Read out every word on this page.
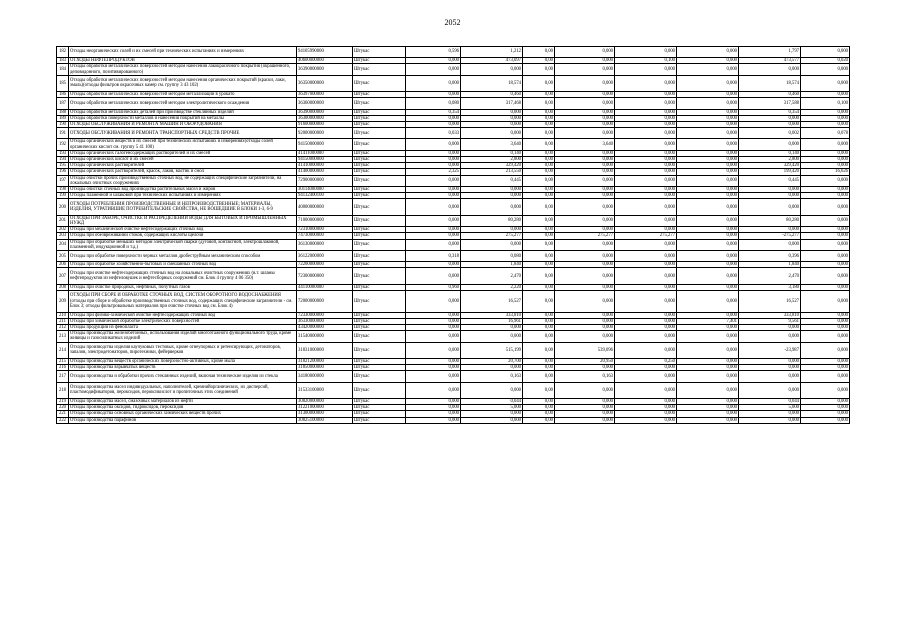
2052
182	Отходы неорганических солей и их смесей при технических испытаниях и измерениях	94105990000	Штукас	0,596	1,212	0,00	0,000	0,000	0,000	1,797	0,000
183	ОТХОДЫ НЕФТЕПРОДУКТОВ	40600000000	Штукас	0,000	473,097	0,00	0,000	0,100	0,000	473,577	0,020
184	Отходы обработки металлических поверхностей методом нанесения лакокрасочного покрытия (окрашенного, деповидонного, позитивированного)	36390000000	Штукас	0,000	0,000	0,00	0,000	0,000	0,000	0,000	0,000
185	Отходы обработки металлических поверхностей методом нанесения органических покрытий (краски, лаки, эмаль)(отходы фильтров окрасочных камер см. группу 3 43 102)	36350000000	Штукас	0,000	18,574	0,00	0,000	0,000	0,000	18,574	0,000
186	Отходы обработки металлических поверхностей методом металлизации в урокато	36397000000	Штукас	0,000	0,460	0,00	0,000	0,000	0,000	0,460	0,000
187	Отходы обработки металлических поверхностей методом электролитического осаждения	36360000000	Штукас	0,080	317,468	0,00	0,000	0,000	0,000	317,588	0,100
188	Отходы обработки металлических деталей при производстве стеклянных изделий	36390000000	Штукас	0,354	0,000	0,00	0,000	0,000	0,000	0,354	0,000
189	Отходы обработки поверхности металлов и нанесения покрытий на металлы	36300000000	Штукас	0,000	0,000	0,00	0,000	0,000	0,000	0,000	0,000
190	ОТХОДЫ ОБСЛУЖИВАНИЯ И РЕМОНТА МАШИН И ОБОРУДОВАНИЯ	91600000000	Штукас	0,000	0,600	0,00	0,000	0,000	0,000	0,600	0,000
191	ОТХОДЫ ОБСЛУЖИВАНИЯ И РЕМОНТА ТРАНСПОРТНЫХ СРЕДСТВ ПРОЧИЕ	92000000000	Штукас	0,033	0,000	0,00	0,000	0,000	0,000	0,002	0,078
192	Отходы органических веществ и их смесей при технических испытаниях и измерениях(отходы солей органических кислот см. группу 5 41 100)	94150000000	Штукас	0,000	3,640	0,00	3,640	0,000	0,000	0,000	0,000
193	Отходы органических галогенсодержащих растворителей и их смесей	41411000000	Штукас	0,000	0,140	0,00	0,000	0,000	0,000	0,140	0,000
194	Отходы органических кислот и их смесей	94150000000	Штукас	0,000	2,800	0,00	0,000	0,000	0,000	2,800	0,000
195	Отходы органических растворителей	41410000000	Штукас	0,000	329,420	0,00	0,000	0,000	0,000	329,420	0,000
196	Отходы органических растворителей, красок, лаков, мастик и смол	41400000000	Штукас	2,325	213,550	0,00	0,000	0,000	0,000	199,420	16,626
197	Отходы очистки прочих производственных сточных вод, не содержащих специфические загрязнители, на локальных очистных сооружениях	72900000000	Штукас	0,000	0,445	0,00	0,000	0,000	0,000	0,445	0,000
198	Отходы очистки сточных вод производства растительных масел и жиров	30114000000	Штукас	0,000	0,000	0,00	0,000	0,000	0,000	0,000	0,000
199	Отходы пламенной и шлаковой при технических испытаниях и измерениях	94132400100	Штукас	0,000	0,000	0,00	0,000	0,000	0,000	0,000	0,000
200	ОТХОДЫ ПОТРЕБЛЕНИЯ ПРОИЗВОДСТВЕННЫЕ И НЕПРОИЗВОДСТВЕННЫЕ; МАТЕРИАЛЫ, ИЗДЕЛИЯ, УТРАТИВШИЕ ПОТРЕБИТЕЛЬСКИЕ СВОЙСТВА, НЕ ВОШЕДШИЕ В БЛОКИ 1-3, 6-9	40000000000	Штукас	0,000	0,000	0,00	0,000	0,000	0,000	0,000	0,000
201	ОТХОДЫ ПРИ ЗАБОРЕ, ОЧИСТКЕ И РАСПРЕДЕЛЕНИИ ВОДЫ ДЛЯ БЫТОВЫХ И ПРОМЫШЛЕННЫХ НУЖД	71000000000	Штукас	0,000	80,280	0,00	0,000	0,000	0,000	80,280	0,000
202	Отходы при механической очистке нефтесодержащих сточных вод	72310000000	Штукас	0,000	0,000	0,00	0,000	0,000	0,000	0,000	0,000
203	Отходы при обезвреживании стоков, содержащих кислоты щелочи	74730000000	Штукас	0,000	275,277	0,00	275,277	275,277	0,000	-275,277	0,000
204	Отходы при обработке меньших методом электрической сварки (дуговой, контактной, электрошлаковой, плазменной, индукционной и т.д.)	36130000000	Штукас	0,000	0,000	0,00	0,000	0,000	0,000	0,000	0,000
205	Отходы при обработке поверхности черных металлов дробеструйным механическим способом	36122000000	Штукас	0,318	0,080	0,00	0,000	0,000	0,000	0,396	0,000
206	Отходы при обработке хозяйственно-бытовых и смешанных сточных вод	72200000000	Штукас	0,000	1,840	0,00	0,000	0,000	0,000	1,840	0,000
207	Отходы при очистке нефтесодержащих сточных вод на локальных очистных сооружениях (в.т. шламы нефтепродуктов из нефтеловушек и нефтесборных сооружений см. Блок 4 группу 4 06 350)	72300000000	Штукас	0,000	2,470	0,00	0,000	0,000	0,000	2,470	0,000
208	Отходы при очистке природных, нефтяных, попутных газов	44110000000	Штукас	0,960	2,220	0,00	0,000	0,000	0,000	3,180	0,000
209	ОТХОДЫ ПРИ СБОРЕ И ОБРАБОТКЕ СТОЧНЫХ ВОД, СИСТЕМ ОБОРОТНОГО ВОДОСНАБЖЕНИЯ (отходы при сборе и обработке производственных сточных вод, содержащих специфические загрязнители - см. Блок 3; отходы фильтровальных материалов при очистке сточных вод см. Блок 4)	72000000000	Штукас	0,000	16,527	0,00	0,000	0,000	0,000	16,527	0,000
210	Отходы при физико-химической очистке нефтесодержащих сточных вод	72330000000	Штукас	0,000	333,810	0,00	0,000	0,000	0,000	333,810	0,000
211	Отходы при химической обработке электрических поверхностей	36330000000	Штукас	0,000	16,961	0,00	0,000	0,000	7,401	9,561	0,000
212	Отходы продукции из фенопласта	43420000000	Штукас	0,000	0,000	0,00	0,000	0,000	0,000	0,000	0,000
213	Отходы производства железобетонных, использования изделий многоэтажного функционального труда, кроме живицы и газосиликатных изделий	31540000000	Штукас	0,000	0,000	0,00	0,000	0,000	0,000	0,000	0,000
214	Отходы производства изделия каучуковых тестовых, кроме огнеупорных и ретенсирующих, детонаторов, запалов, электродетонаторов, пиротехники, фейерверков	31831000000	Штукас	0,000	515,199	0,00	539,096	0,000	0,000	-23,987	0,000
215	Отходы производства веществ органических поверхностно-активных, кроме мыла	31821200000	Штукас	0,000	20,700	0,00	20,950	0,250	0,000	0,000	0,000
216	Отходы производства взрывчатых веществ	31850000000	Штукас	0,000	0,000	0,00	0,000	0,000	0,000	0,000	0,000
217	Отходы производства и обработки прочих стеклянных изделий, включая технические изделия из стекла	34180000000	Штукас	0,000	0,163	0,00	0,163	0,000	0,000	0,000	0,000
218	Отходы производства масел индивидуальных, наполнителей, кремнийорганических, их дисперсий, пластомодификаторов, пероксидов, пероксикислот и пропиточных этих соединений	31533100000	Штукас	0,000	0,000	0,00	0,000	0,000	0,000	0,000	0,000
219	Отходы производства масел, смазочных материалов из нефти	30820000000	Штукас	0,000	0,044	0,00	0,000	0,000	0,000	0,044	0,000
220	Отходы производства оксидов, гидроксидов, пероксидов	31221000000	Штукас	0,000	5,000	0,00	0,000	0,000	0,000	5,000	0,000
221	Отходы производства основных органических химических веществ прочих	31300000000	Штукас	0,000	0,000	0,00	0,000	0,000	0,000	0,000	0,000
222	Отходы производства парафинов	30825100000	Штукас	0,000	0,000	0,00	0,000	0,000	0,000	0,000	0,000
